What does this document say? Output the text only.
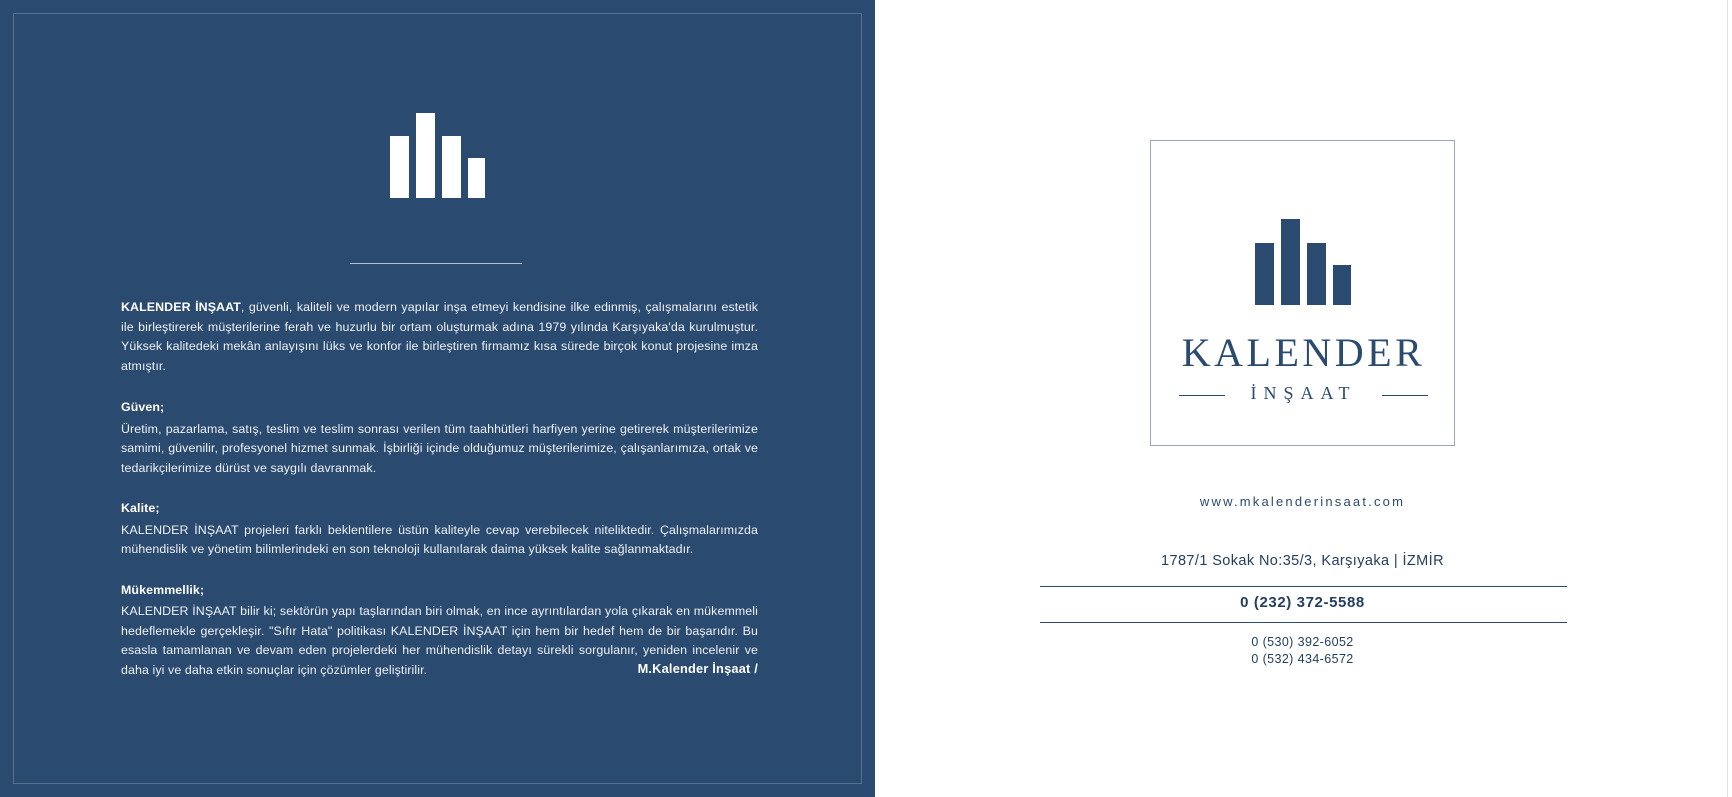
KALENDER İNŞAAT, güvenli, kaliteli ve modern yapılar inşa etmeyi kendisine ilke edinmiş, çalışmalarını estetik ile birleştirerek müşterilerine ferah ve huzurlu bir ortam oluşturmak adına 1979 yılında Karşıyaka'da kurulmuştur. Yüksek kalitedeki mekân anlayışını lüks ve konfor ile birleştiren firmamız kısa sürede birçok konut projesine imza atmıştır.

Güven;

Üretim, pazarlama, satış, teslim ve teslim sonrası verilen tüm taahhütleri harfiyen yerine getirerek müşterilerimize samimi, güvenilir, profesyonel hizmet sunmak. İşbirliği içinde olduğumuz müşterilerimize, çalışanlarımıza, ortak ve tedarikçilerimize dürüst ve saygılı davranmak.

Kalite;

KALENDER İNŞAAT projeleri farklı beklentilere üstün kaliteyle cevap verebilecek niteliktedir. Çalışmalarımızda mühendislik ve yönetim bilimlerindeki en son teknoloji kullanılarak daima yüksek kalite sağlanmaktadır.

Mükemmellik;

KALENDER İNŞAAT bilir ki; sektörün yapı taşlarından biri olmak, en ince ayrıntılardan yola çıkarak en mükemmeli hedeflemekle gerçekleşir. "Sıfır Hata" politikası KALENDER İNŞAAT için hem bir hedef hem de bir başarıdır. Bu esasla tamamlanan ve devam eden projelerdeki her mühendislik detayı sürekli sorgulanır, yeniden incelenir ve daha iyi ve daha etkin sonuçlar için çözümler geliştirilir.	M.Kalender İnşaat /
KALENDER
İNŞAAT
www.mkalenderinsaat.com
1787/1 Sokak No:35/3, Karşıyaka | İZMİR
0 (232) 372-5588
0 (530) 392-6052
0 (532) 434-6572
